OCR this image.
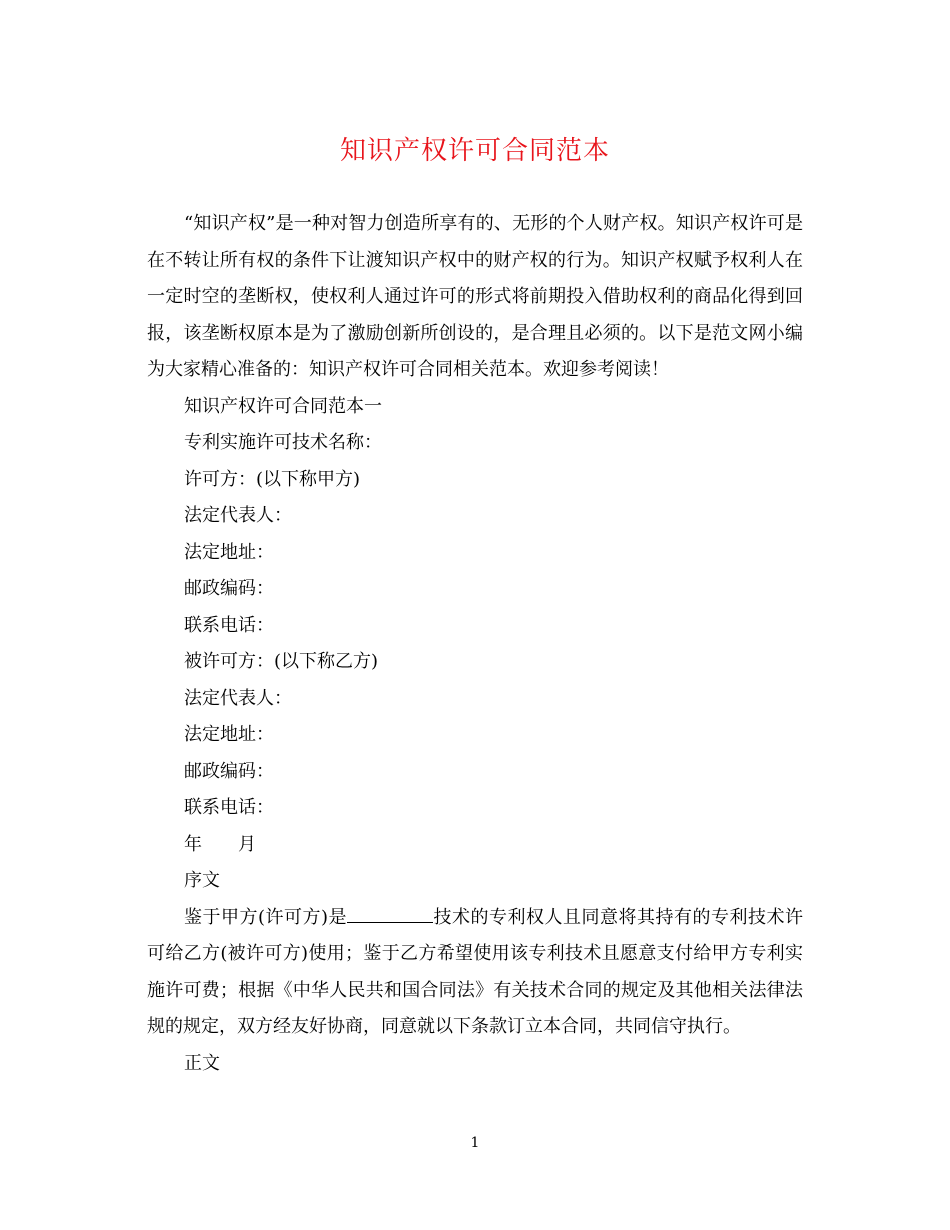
知识产权许可合同范本

“知识产权”是一种对智力创造所享有的、无形的个人财产权。知识产权许可是在不转让所有权的条件下让渡知识产权中的财产权的行为。知识产权赋予权利人在一定时空的垄断权，使权利人通过许可的形式将前期投入借助权利的商品化得到回报，该垄断权原本是为了激励创新所创设的，是合理且必须的。以下是范文网小编为大家精心准备的：知识产权许可合同相关范本。欢迎参考阅读！

知识产权许可合同范本一

专利实施许可技术名称：

许可方：(以下称甲方)

法定代表人：

法定地址：

邮政编码：

联系电话：

被许可方：(以下称乙方)

法定代表人：

法定地址：

邮政编码：

联系电话：

年 月

序文

鉴于甲方(许可方)是	技术的专利权人且同意将其持有的专利技术许可给乙方(被许可方)使用；鉴于乙方希望使用该专利技术且愿意支付给甲方专利实施许可费；根据《中华人民共和国合同法》有关技术合同的规定及其他相关法律法规的规定，双方经友好协商，同意就以下条款订立本合同，共同信守执行。

正文

1
